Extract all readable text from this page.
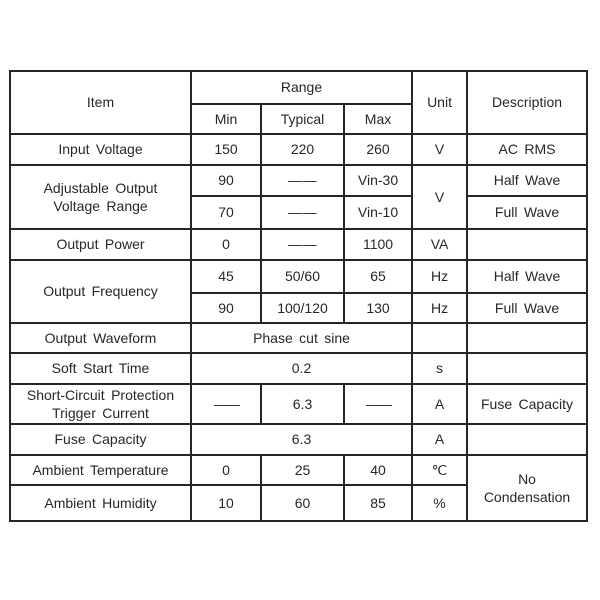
Item	Range			Unit	Description
	Min	Typical	Max		
Input Voltage	150	220	260	V	AC RMS

Adjustable Output
Voltage Range	90	——	Vin-30	V	Half Wave
	70	——	Vin-10		Full Wave
Output Power	0	——	1100	VA	
Output Frequency	45	50/60	65	Hz	Half Wave
	90	100/120	130	Hz	Full Wave
Output Waveform	Phase cut sine				
Soft Start Time	0.2			s	

Short-Circuit Protection
Trigger Current	——	6.3	——	A	Fuse Capacity
Fuse Capacity	6.3			A	
Ambient Temperature	0	25	40	℃	No
Condensation

Ambient Humidity	10	60	85	%	
